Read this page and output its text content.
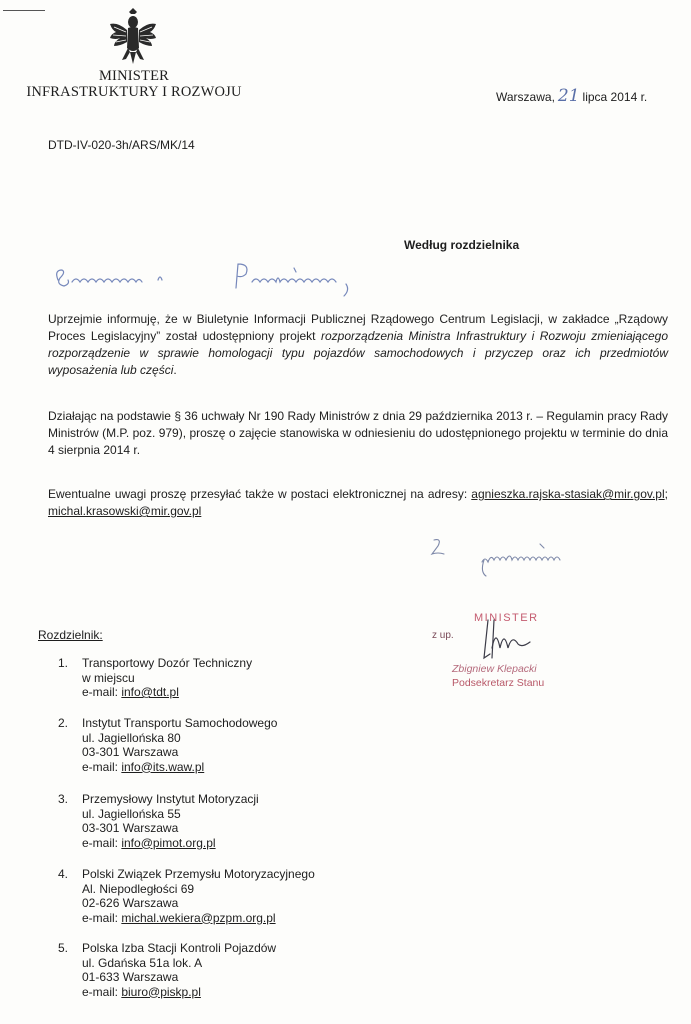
MINISTER
INFRASTRUKTURY I ROZWOJU	Warszawa, 21 lipca 2014 r.
DTD-IV-020-3h/ARS/MK/14
Według rozdzielnika
Uprzejmie informuję, że w Biuletynie Informacji Publicznej Rządowego Centrum Legislacji, w zakładce „Rządowy Proces Legislacyjny” został udostępniony projekt rozporządzenia Ministra Infrastruktury i Rozwoju zmieniającego rozporządzenie w sprawie homologacji typu pojazdów samochodowych i przyczep oraz ich przedmiotów wyposażenia lub części.
Działając na podstawie § 36 uchwały Nr 190 Rady Ministrów z dnia 29 października 2013 r. – Regulamin pracy Rady Ministrów (M.P. poz. 979), proszę o zajęcie stanowiska w odniesieniu do udostępnionego projektu w terminie do dnia 4 sierpnia 2014 r.
Ewentualne uwagi proszę przesyłać także w postaci elektronicznej na adresy: agnieszka.rajska-stasiak@mir.gov.pl; michal.krasowski@mir.gov.pl
MINISTER
z up.
Zbigniew Klepacki
Podsekretarz Stanu
Rozdzielnik:
1.	Transportowy Dozór Techniczny
w miejscu
e-mail: info@tdt.pl
2.	Instytut Transportu Samochodowego
ul. Jagiellońska 80
03-301 Warszawa
e-mail: info@its.waw.pl
3.	Przemysłowy Instytut Motoryzacji
ul. Jagiellońska 55
03-301 Warszawa
e-mail: info@pimot.org.pl
4.	Polski Związek Przemysłu Motoryzacyjnego
Al. Niepodległości 69
02-626 Warszawa
e-mail: michal.wekiera@pzpm.org.pl
5.	Polska Izba Stacji Kontroli Pojazdów
ul. Gdańska 51a lok. A
01-633 Warszawa
e-mail: biuro@piskp.pl
